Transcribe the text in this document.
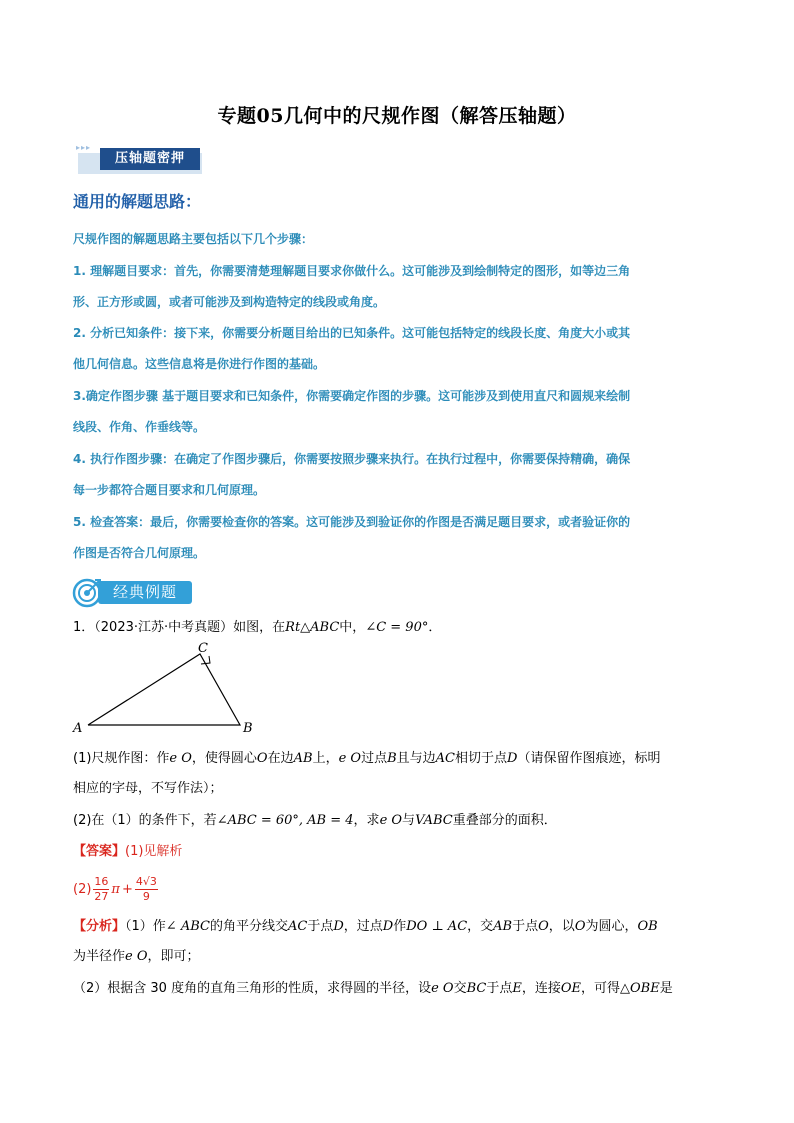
专题05几何中的尺规作图（解答压轴题）
▸▸▸
压轴题密押
通用的解题思路：
尺规作图的解题思路主要包括以下几个步骤：
1. 理解题目要求：首先，你需要清楚理解题目要求你做什么。这可能涉及到绘制特定的图形，如等边三角
形、正方形或圆，或者可能涉及到构造特定的线段或角度。
2. 分析已知条件：接下来，你需要分析题目给出的已知条件。这可能包括特定的线段长度、角度大小或其
他几何信息。这些信息将是你进行作图的基础。
3.确定作图步骤 基于题目要求和已知条件，你需要确定作图的步骤。这可能涉及到使用直尺和圆规来绘制
线段、作角、作垂线等。
4. 执行作图步骤：在确定了作图步骤后，你需要按照步骤来执行。在执行过程中，你需要保持精确，确保
每一步都符合题目要求和几何原理。
5. 检查答案：最后，你需要检查你的答案。这可能涉及到验证你的作图是否满足题目要求，或者验证你的
作图是否符合几何原理。
经典例题
1．（2023·江苏·中考真题）如图，在Rt△ABC中，∠C = 90°．
A	B
C
(1)尺规作图：作e O，使得圆心O在边AB上，e O过点B且与边AC相切于点D（请保留作图痕迹，标明
相应的字母，不写作法）；
(2)在（1）的条件下，若∠ABC = 60°, AB = 4，求e O与VABC重叠部分的面积．
【答案】(1)见解析
$(2) \frac{16}{27}$ $\pi + \frac{4√3}{9}$
【分析】（1）作∠ ABC的角平分线交AC于点D，过点D作DO ⊥ AC，交AB于点O，以O为圆心，OB
为半径作e O，即可；
（2）根据含 30 度角的直角三角形的性质，求得圆的半径，设e O交BC于点E，连接OE，可得△OBE是
